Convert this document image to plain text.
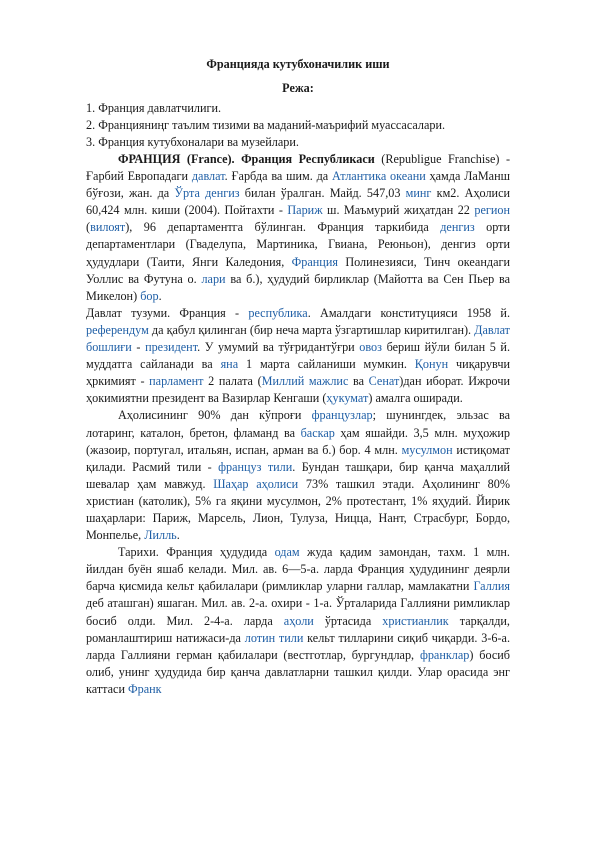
Францияда кутубхоначилик иши

Режа:

1. Франция давлатчилиги.

2. Францияниңг таълим тизими ва маданий-маърифий муассасалари.

3. Франция кутубхоналари ва музейлари.

ФРАНЦИЯ (France). Франция Республикаси (Republigue Franchise) - Ғарбий Европадаги давлат. Ғарбда ва шим. да Атлантика океани ҳамда ЛаМанш бўғози, жан. да Ўрта денгиз билан ўралган. Майд. 547,03 минг км2. Аҳолиси 60,424 млн. киши (2004). Пойтахти - Париж ш. Маъмурий жиҳатдан 22 регион (вилоят), 96 департаментга бўлинган. Франция таркибида денгиз орти департаментлари (Гваделупа, Мартиника, Гвиана, Реюньон), денгиз орти ҳудудлари (Таити, Янги Каледония, Франция Полинезияси, Тинч океандаги Уоллис ва Футуна о. лари ва б.), ҳудудий бирликлар (Майотта ва Сен Пьер ва Микелон) бор.

Давлат тузуми. Франция - республика. Амалдаги конституцияси 1958 й. референдум да қабул қилинган (бир неча марта ўзгартишлар киритилган). Давлат бошлиғи - президент. У умумий ва тўғридантўғри овоз бериш йўли билан 5 й. муддатга сайланади ва яна 1 марта сайланиши мумкин. Қонун чиқарувчи ҳркимият - парламент 2 палата (Миллий мажлис ва Сенат)дан иборат. Ижрочи ҳокимиятни президент ва Вазирлар Кенгаши (ҳукумат) амалга оширади.

Аҳолисининг 90% дан кўпроғи французлар; шунингдек, эльзас ва лотаринг, каталон, бретон, фламанд ва баскар ҳам яшайди. 3,5 млн. муҳожир (жазоир, португал, итальян, испан, арман ва б.) бор. 4 млн. мусулмон истиқомат қилади. Расмий тили - француз тили. Бундан ташқари, бир қанча маҳаллий шевалар ҳам мавжуд. Шаҳар аҳолиси 73% ташкил этади. Аҳолининг 80% христиан (католик), 5% га яқини мусулмон, 2% протестант, 1% яҳудий. Йирик шаҳарлари: Париж, Марсель, Лион, Тулуза, Ницца, Нант, Страсбург, Бордо, Монпелье, Лилль.

Тарихи. Франция ҳудудида одам жуда қадим замондан, тахм. 1 млн. йилдан буён яшаб келади. Мил. ав. 6—5-а. ларда Франция ҳудудининг деярли барча қисмида кельт қабилалари (римликлар уларни галлар, мамлакатни Галлия деб аташган) яшаган. Мил. ав. 2-а. охири - 1-а. Ўрталарида Галлияни римликлар босиб олди. Мил. 2-4-а. ларда аҳоли ўртасида христианлик тарқалди, романлаштириш натижаси-да лотин тили кельт тилларини сиқиб чиқарди. 3-6-а. ларда Галлияни герман қабилалари (вестготлар, бургундлар, франклар) босиб олиб, унинг ҳудудида бир қанча давлатларни ташкил қилди. Улар орасида энг каттаси Франк
